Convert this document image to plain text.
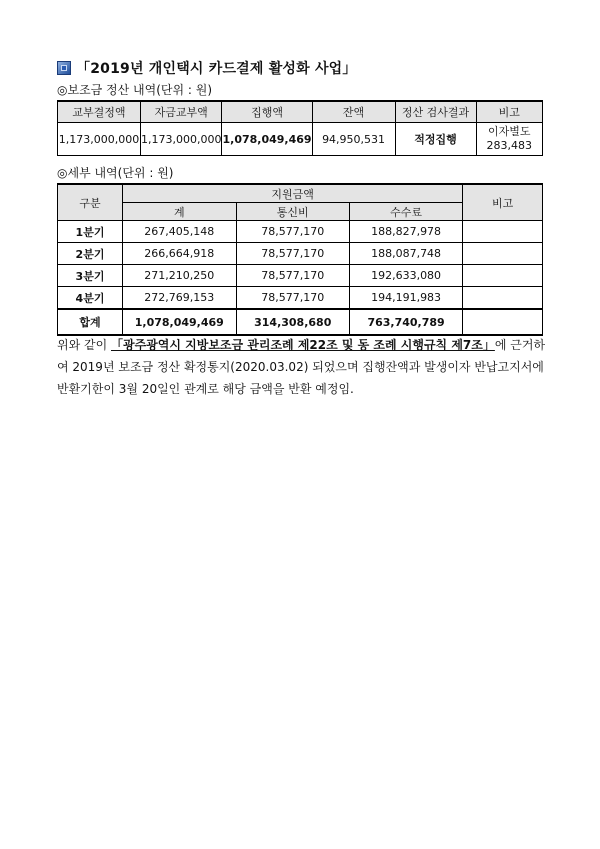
「2019년 개인택시 카드결제 활성화 사업」
◎보조금 정산 내역(단위 : 원)
교부결정액	자금교부액	집행액	잔액	정산 검사결과	비고
1,173,000,000	1,173,000,000	1,078,049,469	94,950,531	적정집행	이자별도
283,483
◎세부 내역(단위 : 원)
구분	지원금액			비고
	계	통신비	수수료	
1분기	267,405,148	78,577,170	188,827,978	
2분기	266,664,918	78,577,170	188,087,748	
3분기	271,210,250	78,577,170	192,633,080	
4분기	272,769,153	78,577,170	194,191,983	
합계	1,078,049,469	314,308,680	763,740,789	
위와 같이 「광주광역시 지방보조금 관리조례 제22조 및 동 조례 시행규칙 제7조」에 근거하여 2019년 보조금 정산 확정통지(2020.03.02) 되었으며 집행잔액과 발생이자 반납고지서에 반환기한이 3월 20일인 관계로 해당 금액을 반환 예정임.
